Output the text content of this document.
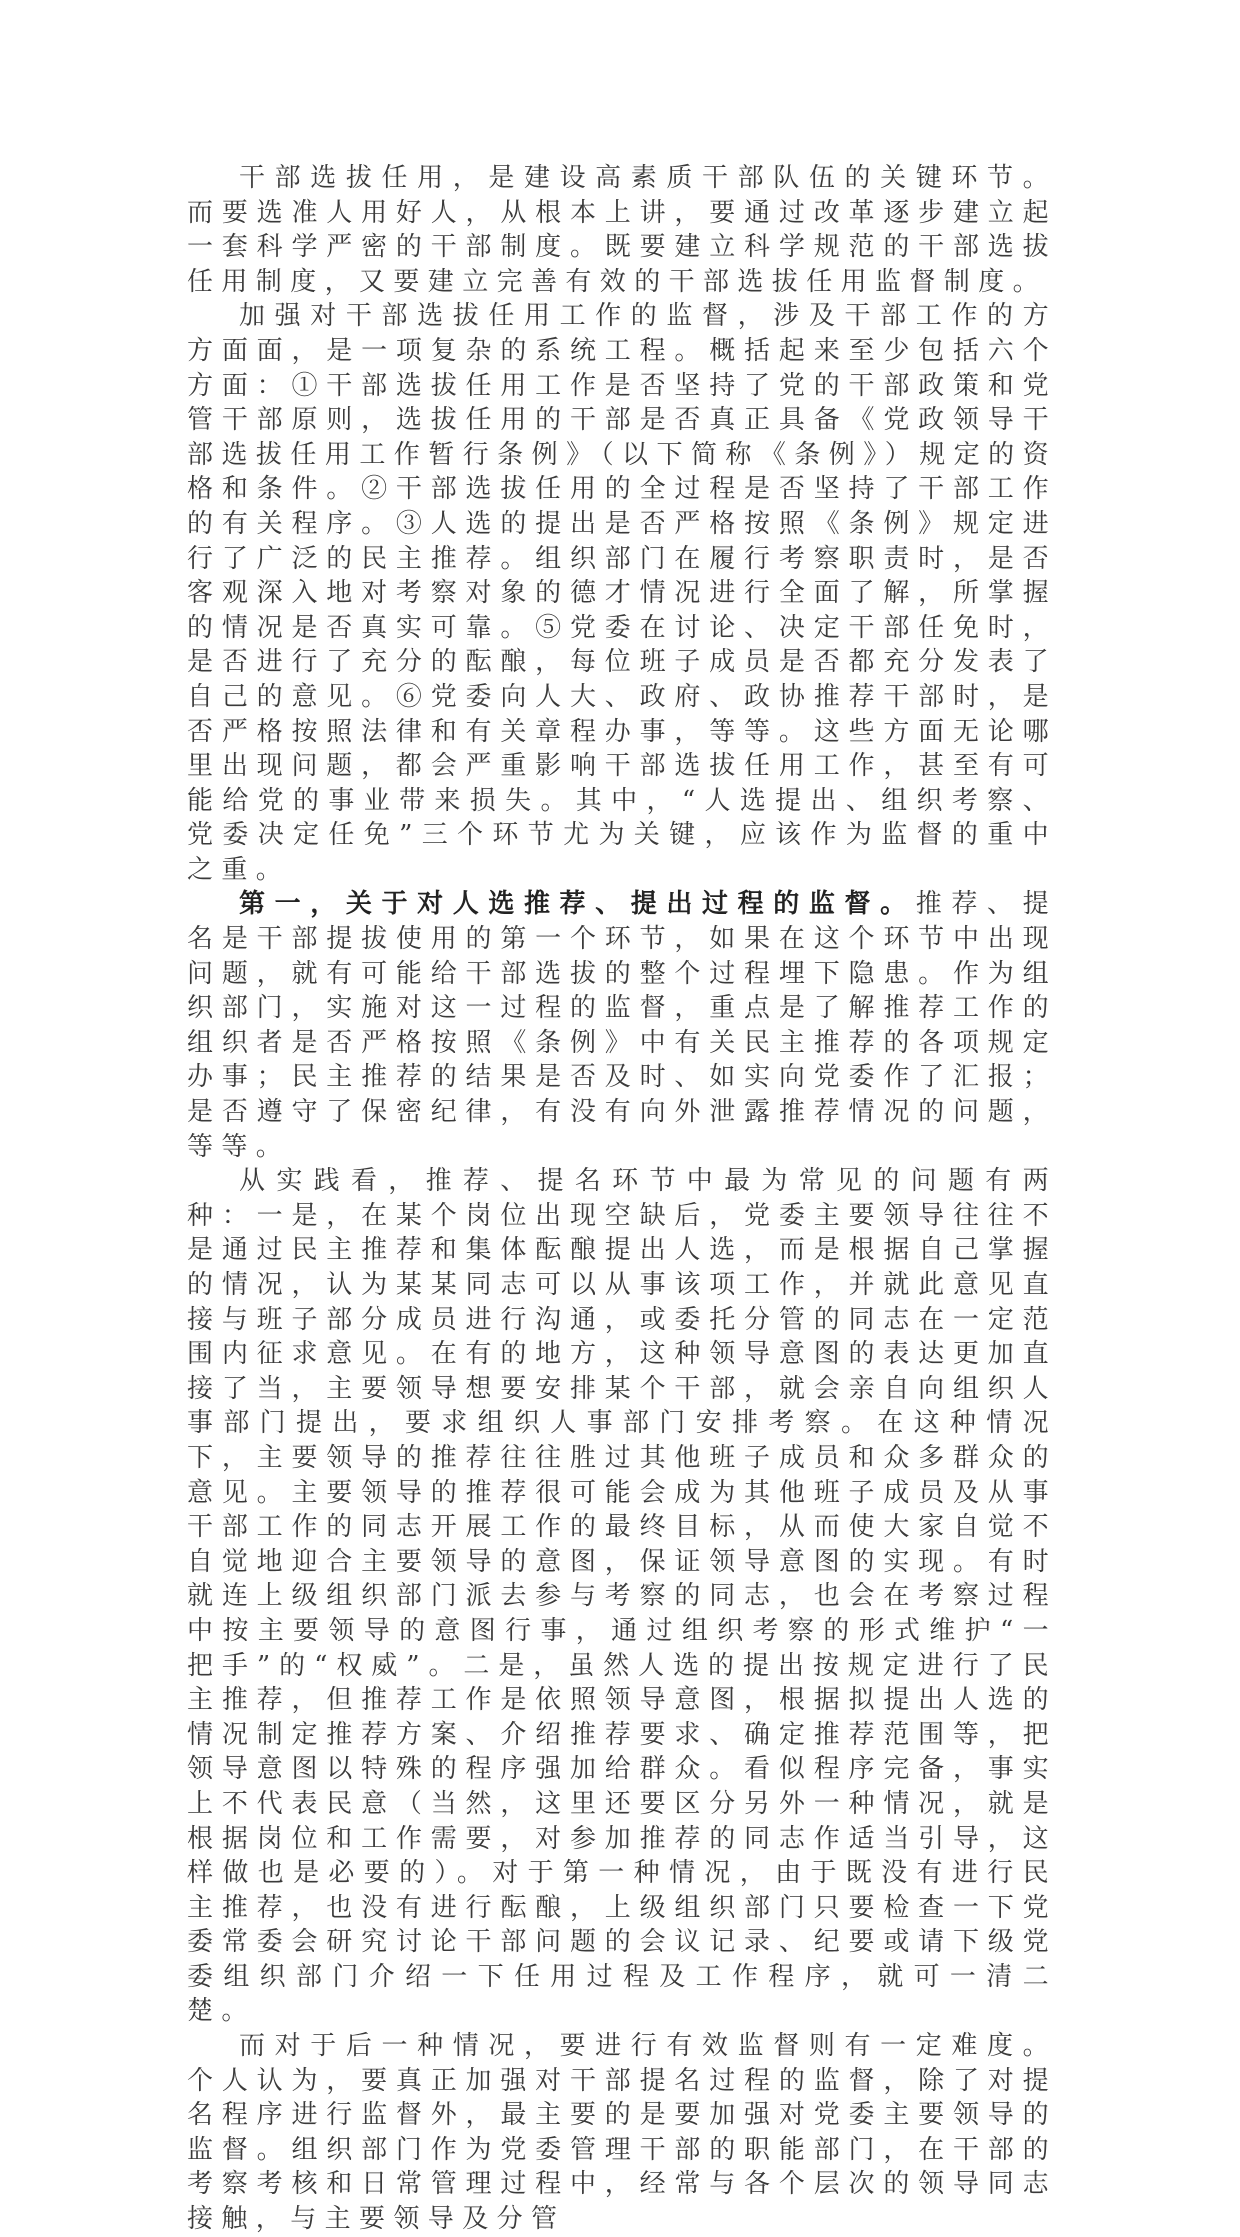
干部选拔任用，是建设高素质干部队伍的关键环节。而要选准人用好人，从根本上讲，要通过改革逐步建立起一套科学严密的干部制度。既要建立科学规范的干部选拔任用制度，又要建立完善有效的干部选拔任用监督制度。

加强对干部选拔任用工作的监督，涉及干部工作的方方面面，是一项复杂的系统工程。概括起来至少包括六个方面：①干部选拔任用工作是否坚持了党的干部政策和党管干部原则，选拔任用的干部是否真正具备《党政领导干部选拔任用工作暂行条例》（以下简称《条例》）规定的资格和条件。②干部选拔任用的全过程是否坚持了干部工作的有关程序。③人选的提出是否严格按照《条例》规定进行了广泛的民主推荐。组织部门在履行考察职责时，是否客观深入地对考察对象的德才情况进行全面了解，所掌握的情况是否真实可靠。⑤党委在讨论、决定干部任免时，是否进行了充分的酝酿，每位班子成员是否都充分发表了自己的意见。⑥党委向人大、政府、政协推荐干部时，是否严格按照法律和有关章程办事，等等。这些方面无论哪里出现问题，都会严重影响干部选拔任用工作，甚至有可能给党的事业带来损失。其中，“人选提出、组织考察、党委决定任免”三个环节尤为关键，应该作为监督的重中之重。

第一，关于对人选推荐、提出过程的监督。推荐、提名是干部提拔使用的第一个环节，如果在这个环节中出现问题，就有可能给干部选拔的整个过程埋下隐患。作为组织部门，实施对这一过程的监督，重点是了解推荐工作的组织者是否严格按照《条例》中有关民主推荐的各项规定办事；民主推荐的结果是否及时、如实向党委作了汇报；是否遵守了保密纪律，有没有向外泄露推荐情况的问题，等等。

从实践看，推荐、提名环节中最为常见的问题有两种：一是，在某个岗位出现空缺后，党委主要领导往往不是通过民主推荐和集体酝酿提出人选，而是根据自己掌握的情况，认为某某同志可以从事该项工作，并就此意见直接与班子部分成员进行沟通，或委托分管的同志在一定范围内征求意见。在有的地方，这种领导意图的表达更加直接了当，主要领导想要安排某个干部，就会亲自向组织人事部门提出，要求组织人事部门安排考察。在这种情况下，主要领导的推荐往往胜过其他班子成员和众多群众的意见。主要领导的推荐很可能会成为其他班子成员及从事干部工作的同志开展工作的最终目标，从而使大家自觉不自觉地迎合主要领导的意图，保证领导意图的实现。有时就连上级组织部门派去参与考察的同志，也会在考察过程中按主要领导的意图行事，通过组织考察的形式维护“一把手”的“权威”。二是，虽然人选的提出按规定进行了民主推荐，但推荐工作是依照领导意图，根据拟提出人选的情况制定推荐方案、介绍推荐要求、确定推荐范围等，把领导意图以特殊的程序强加给群众。看似程序完备，事实上不代表民意（当然，这里还要区分另外一种情况，就是根据岗位和工作需要，对参加推荐的同志作适当引导，这样做也是必要的）。对于第一种情况，由于既没有进行民主推荐，也没有进行酝酿，上级组织部门只要检查一下党委常委会研究讨论干部问题的会议记录、纪要或请下级党委组织部门介绍一下任用过程及工作程序，就可一清二楚。

而对于后一种情况，要进行有效监督则有一定难度。个人认为，要真正加强对干部提名过程的监督，除了对提名程序进行监督外，最主要的是要加强对党委主要领导的监督。组织部门作为党委管理干部的职能部门，在干部的考察考核和日常管理过程中，经常与各个层次的领导同志接触，与主要领导及分管
